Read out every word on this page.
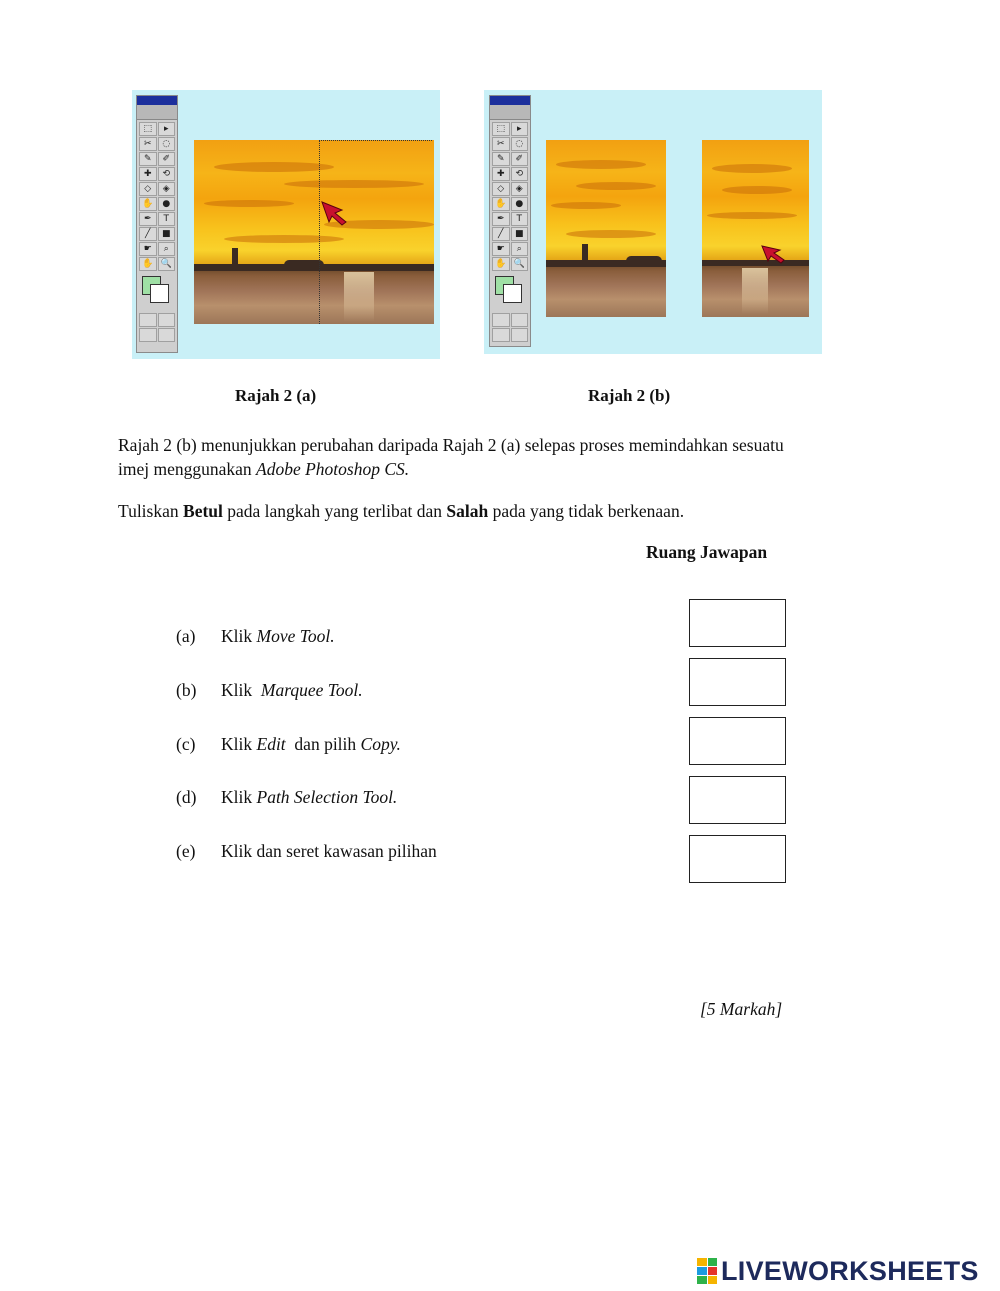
⬚	▸
✂	◌
✎	✐
✚	⟲
◇	◈
✋ ●
✒	T
╱	■
☛	⌕
✋ 🔍
⬚	▸
✂	◌
✎	✐
✚	⟲
◇	◈
✋ ●
✒	T
╱	■
☛	⌕
✋ 🔍
Rajah 2 (a)	Rajah 2 (b)
Rajah 2 (b) menunjukkan perubahan daripada Rajah 2 (a) selepas proses memindahkan sesuatu
imej menggunakan Adobe Photoshop CS.
Tuliskan Betul pada langkah yang terlibat dan Salah pada yang tidak berkenaan.
Ruang Jawapan
(a) Klik Move Tool.
(b) Klik  Marquee Tool.
(c) Klik Edit  dan pilih Copy.
(d) Klik Path Selection Tool.
(e) Klik dan seret kawasan pilihan
[5 Markah]
LIVEWORKSHEETS
